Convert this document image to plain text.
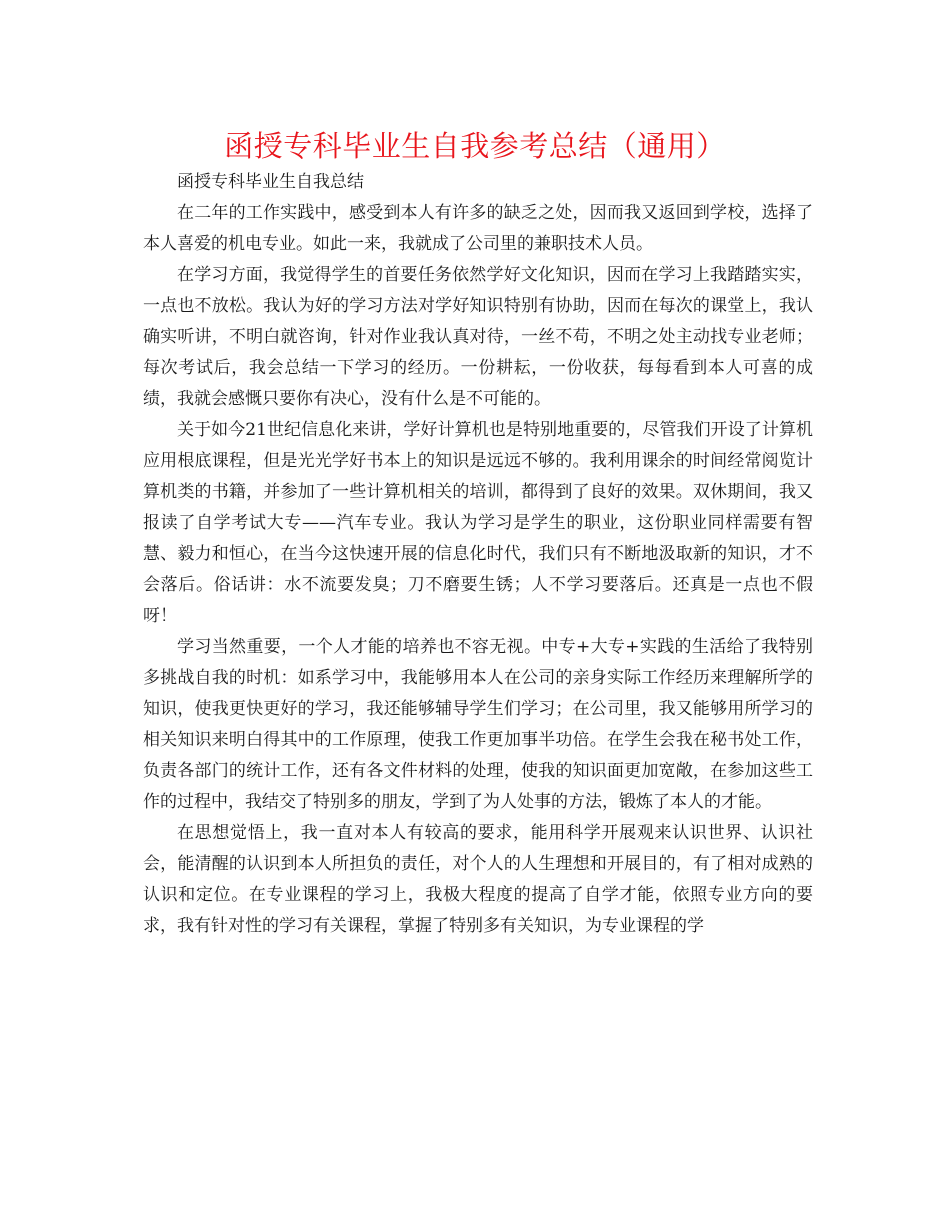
函授专科毕业生自我参考总结（通用）

函授专科毕业生自我总结

在二年的工作实践中，感受到本人有许多的缺乏之处，因而我又返回到学校，选择了本人喜爱的机电专业。如此一来，我就成了公司里的兼职技术人员。

在学习方面，我觉得学生的首要任务依然学好文化知识，因而在学习上我踏踏实实，一点也不放松。我认为好的学习方法对学好知识特别有协助，因而在每次的课堂上，我认确实听讲，不明白就咨询，针对作业我认真对待，一丝不苟，不明之处主动找专业老师；每次考试后，我会总结一下学习的经历。一份耕耘，一份收获，每每看到本人可喜的成绩，我就会感慨只要你有决心，没有什么是不可能的。

关于如今21世纪信息化来讲，学好计算机也是特别地重要的，尽管我们开设了计算机应用根底课程，但是光光学好书本上的知识是远远不够的。我利用课余的时间经常阅览计算机类的书籍，并参加了一些计算机相关的培训，都得到了良好的效果。双休期间，我又报读了自学考试大专——汽车专业。我认为学习是学生的职业，这份职业同样需要有智慧、毅力和恒心，在当今这快速开展的信息化时代，我们只有不断地汲取新的知识，才不会落后。俗话讲：水不流要发臭；刀不磨要生锈；人不学习要落后。还真是一点也不假呀！

学习当然重要，一个人才能的培养也不容无视。中专+大专+实践的生活给了我特别多挑战自我的时机：如系学习中，我能够用本人在公司的亲身实际工作经历来理解所学的知识，使我更快更好的学习，我还能够辅导学生们学习；在公司里，我又能够用所学习的相关知识来明白得其中的工作原理，使我工作更加事半功倍。在学生会我在秘书处工作，负责各部门的统计工作，还有各文件材料的处理，使我的知识面更加宽敞，在参加这些工作的过程中，我结交了特别多的朋友，学到了为人处事的方法，锻炼了本人的才能。

在思想觉悟上，我一直对本人有较高的要求，能用科学开展观来认识世界、认识社会，能清醒的认识到本人所担负的责任，对个人的人生理想和开展目的，有了相对成熟的认识和定位。在专业课程的学习上，我极大程度的提高了自学才能，依照专业方向的要求，我有针对性的学习有关课程，掌握了特别多有关知识，为专业课程的学
